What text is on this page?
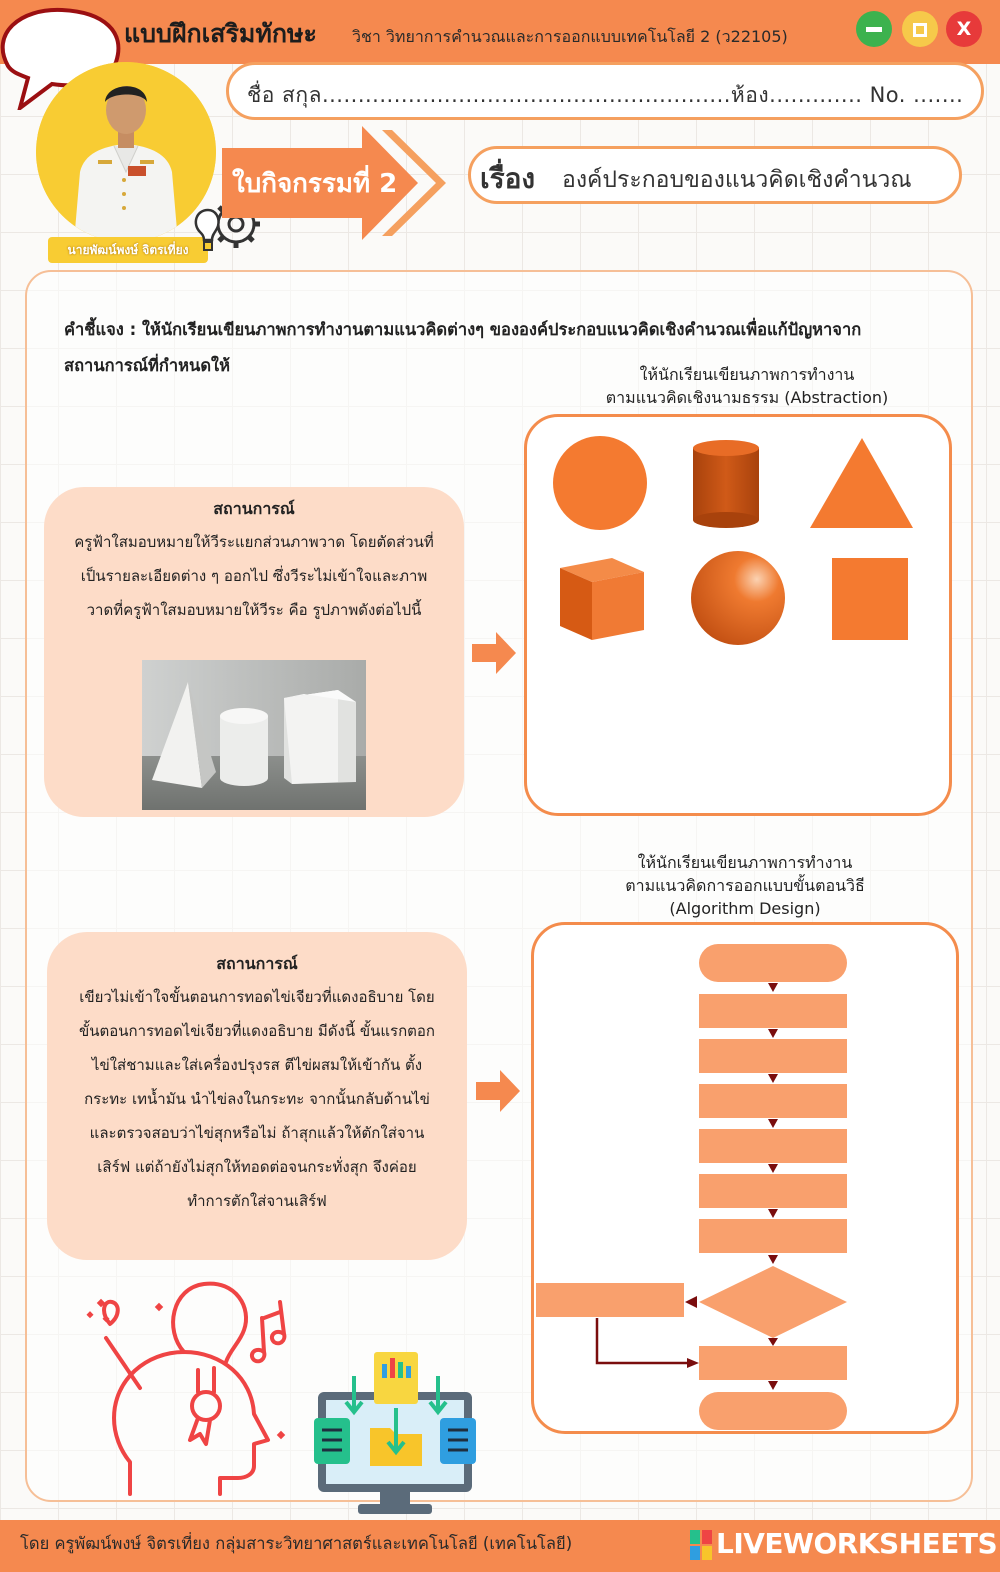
แบบฝึกเสริมทักษะ วิชา วิทยาการคำนวณและการออกแบบเทคโนโลยี 2 (ว22105)	X
นายพัฒน์พงษ์ จิตรเที่ยง
ชื่อ สกุล.........................................................ห้อง............. No. .......
ใบกิจกรรมที่ 2	เรื่อง องค์ประกอบของแนวคิดเชิงคำนวณ
คำชี้แจง : ให้นักเรียนเขียนภาพการทำงานตามแนวคิดต่างๆ ขององค์ประกอบแนวคิดเชิงคำนวณเพื่อแก้ปัญหาจากสถานการณ์ที่กำหนดให้
สถานการณ์
ครูฟ้าใสมอบหมายให้วีระแยกส่วนภาพวาด โดยตัดส่วนที่เป็นรายละเอียดต่าง ๆ ออกไป ซึ่งวีระไม่เข้าใจและภาพวาดที่ครูฟ้าใสมอบหมายให้วีระ คือ รูปภาพดังต่อไปนี้
ให้นักเรียนเขียนภาพการทำงาน
ตามแนวคิดเชิงนามธรรม (Abstraction)
สถานการณ์
เขียวไม่เข้าใจขั้นตอนการทอดไข่เจียวที่แดงอธิบาย โดยขั้นตอนการทอดไข่เจียวที่แดงอธิบาย มีดังนี้ ขั้นแรกตอกไข่ใส่ชามและใส่เครื่องปรุงรส ตีไข่ผสมให้เข้ากัน ตั้งกระทะ เทน้ำมัน นำไข่ลงในกระทะ จากนั้นกลับด้านไข่ และตรวจสอบว่าไข่สุกหรือไม่ ถ้าสุกแล้วให้ตักใส่จานเสิร์ฟ แต่ถ้ายังไม่สุกให้ทอดต่อจนกระทั่งสุก จึงค่อยทำการตักใส่จานเสิร์ฟ
ให้นักเรียนเขียนภาพการทำงาน
ตามแนวคิดการออกแบบขั้นตอนวิธี
(Algorithm Design)
โดย ครูพัฒน์พงษ์ จิตรเที่ยง กลุ่มสาระวิทยาศาสตร์และเทคโนโลยี (เทคโนโลยี)	LIVEWORKSHEETS
